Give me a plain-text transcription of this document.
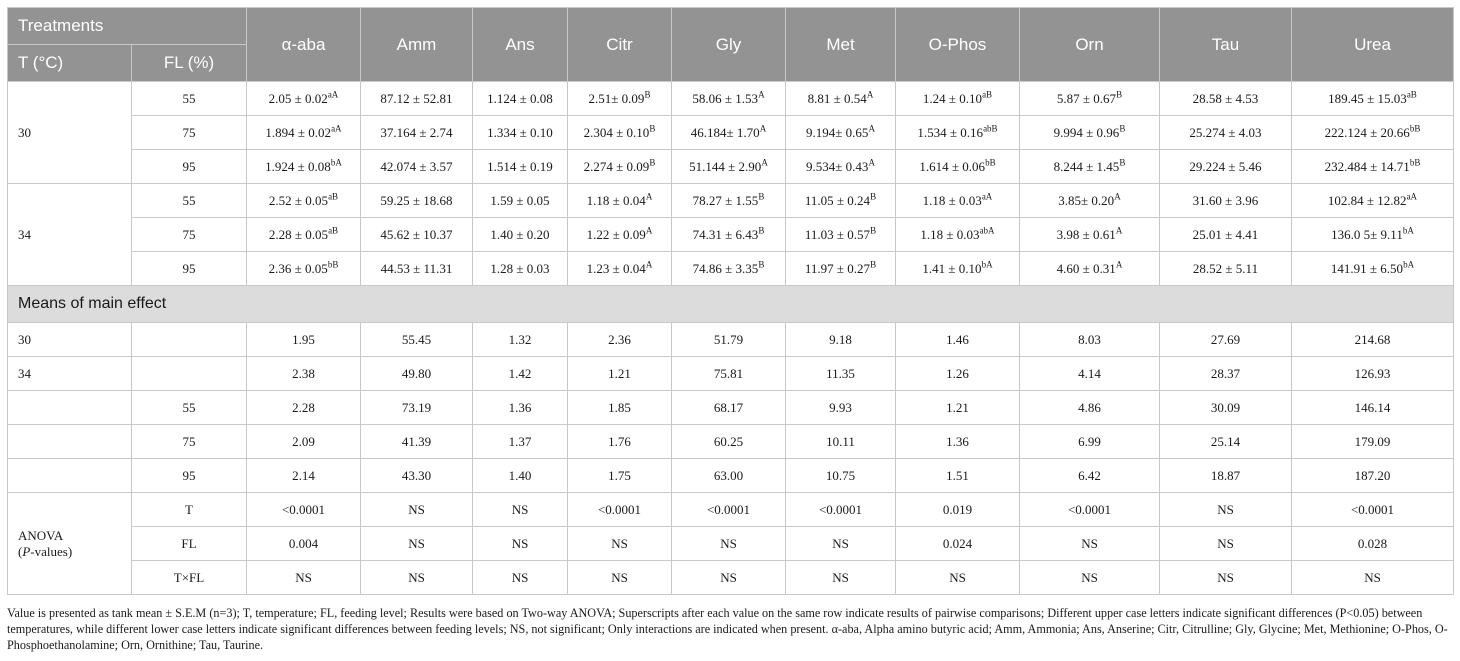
Treatments		α-aba	Amm	Ans	Citr	Gly	Met	O-Phos	Orn	Tau	Urea
T (°C)	FL (%)										
30	55	$2.05 \pm 0.02^{aA}$	87.12 ± 52.81	1.124 ± 0.08	$2.51\pm 0.09^B$	$58.06 \pm 1.53^A$	$8.81 \pm 0.54^A$	$1.24 \pm 0.10^{aB}$	$5.87 \pm 0.67^B$	28.58 ± 4.53	$189.45 \pm 15.03^{aB}$
	75	$1.894 \pm 0.02^{aA}$	37.164 ± 2.74	1.334 ± 0.10	$2.304 \pm 0.10^B$	$46.184\pm 1.70^A$	$9.194\pm 0.65^A$	$1.534 \pm 0.16^{abB}$	$9.994 \pm 0.96^B$	25.274 ± 4.03	$222.124 \pm 20.66^{bB}$
	95	$1.924 \pm 0.08^{bA}$	42.074 ± 3.57	1.514 ± 0.19	$2.274 \pm 0.09^B$	$51.144 \pm 2.90^A$	$9.534\pm 0.43^A$	$1.614 \pm 0.06^{bB}$	$8.244 \pm 1.45^B$	29.224 ± 5.46	$232.484 \pm 14.71^{bB}$
34	55	$2.52 \pm 0.05^{aB}$	59.25 ± 18.68	1.59 ± 0.05	$1.18 \pm 0.04^A$	$78.27 \pm 1.55^B$	$11.05 \pm 0.24^B$	$1.18 \pm 0.03^{aA}$	$3.85\pm 0.20^A$	31.60 ± 3.96	$102.84 \pm 12.82^{aA}$
	75	$2.28 \pm 0.05^{aB}$	45.62 ± 10.37	1.40 ± 0.20	$1.22 \pm 0.09^A$	$74.31 \pm 6.43^B$	$11.03 \pm 0.57^B$	$1.18 \pm 0.03^{abA}$	$3.98 \pm 0.61^A$	25.01 ± 4.41	136.0 $5\pm 9.11^{bA}$
	95	$2.36 \pm 0.05^{bB}$	44.53 ± 11.31	1.28 ± 0.03	$1.23 \pm 0.04^A$	$74.86 \pm 3.35^B$	$11.97 \pm 0.27^B$	$1.41 \pm 0.10^{bA}$	$4.60 \pm 0.31^A$	28.52 ± 5.11	$141.91 \pm 6.50^{bA}$
Means of main effect											
30		1.95	55.45	1.32	2.36	51.79	9.18	1.46	8.03	27.69	214.68
34		2.38	49.80	1.42	1.21	75.81	11.35	1.26	4.14	28.37	126.93
	55	2.28	73.19	1.36	1.85	68.17	9.93	1.21	4.86	30.09	146.14
	75	2.09	41.39	1.37	1.76	60.25	10.11	1.36	6.99	25.14	179.09
	95	2.14	43.30	1.40	1.75	63.00	10.75	1.51	6.42	18.87	187.20
ANOVA
(P-values)	T	<0.0001	NS	NS	<0.0001	<0.0001	<0.0001	0.019	<0.0001	NS	<0.0001
	FL	0.004	NS	NS	NS	NS	NS	0.024	NS	NS	0.028
	T×FL	NS	NS	NS	NS	NS	NS	NS	NS	NS	NS
Value is presented as tank mean ± S.E.M (n=3); T, temperature; FL, feeding level; Results were based on Two-way ANOVA; Superscripts after each value on the same row indicate results of pairwise comparisons; Different upper case letters indicate significant differences (P<0.05) between temperatures, while different lower case letters indicate significant differences between feeding levels; NS, not significant; Only interactions are indicated when present. α-aba, Alpha amino butyric acid; Amm, Ammonia; Ans, Anserine; Citr, Citrulline; Gly, Glycine; Met, Methionine; O-Phos, O-Phosphoethanolamine; Orn, Ornithine; Tau, Taurine.
